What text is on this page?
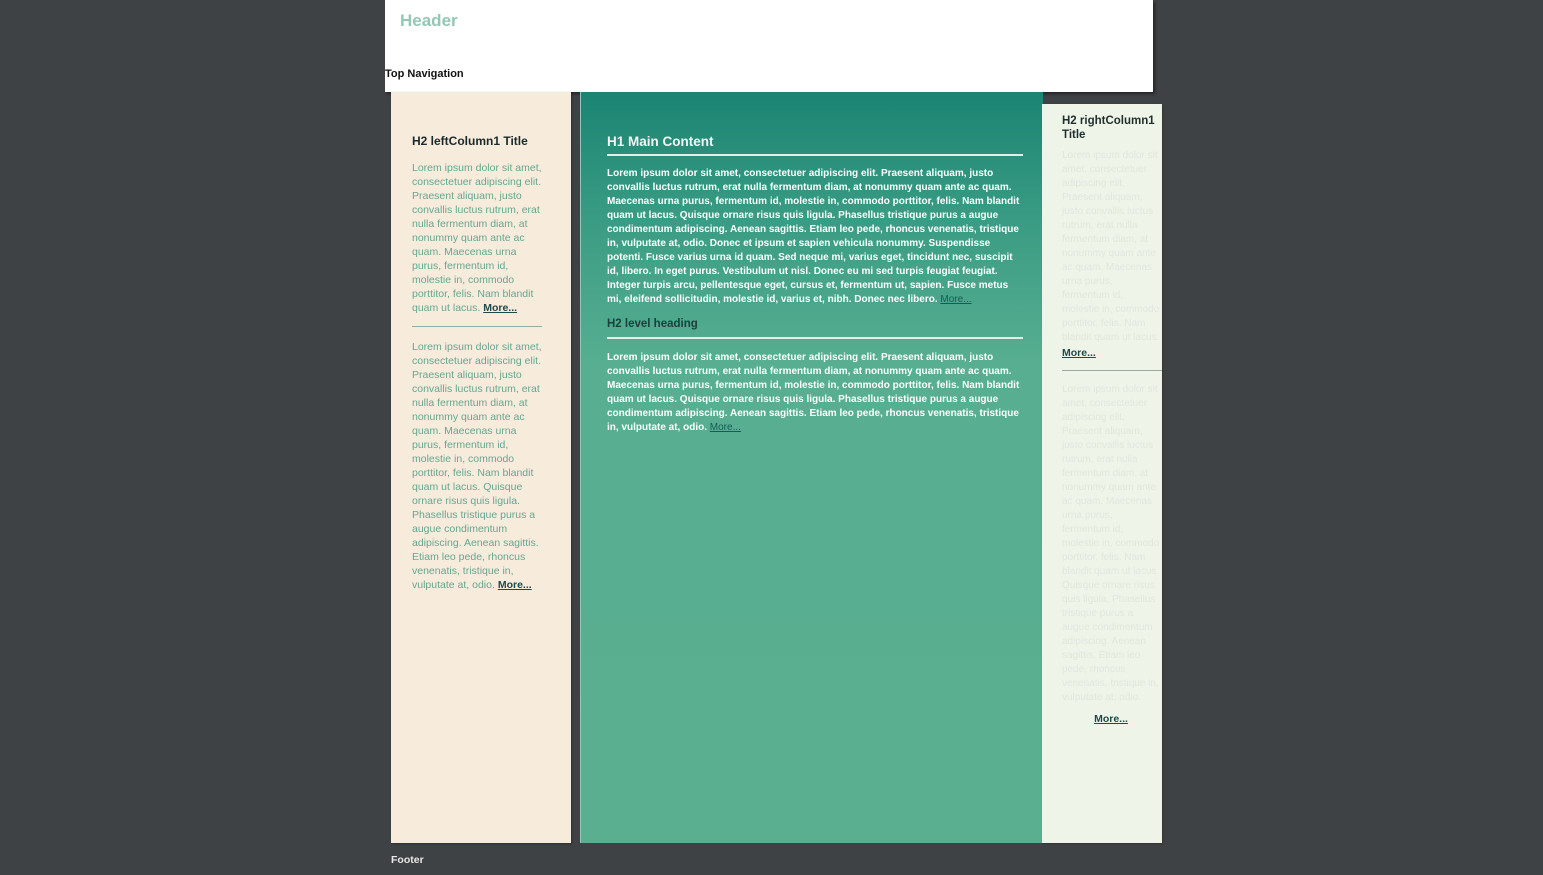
Header
Top Navigation
H2 leftColumn1 Title

Lorem ipsum dolor sit amet, consectetuer adipiscing elit. Praesent aliquam, justo convallis luctus rutrum, erat nulla fermentum diam, at nonummy quam ante ac quam. Maecenas urna purus, fermentum id, molestie in, commodo porttitor, felis. Nam blandit quam ut lacus. More...

Lorem ipsum dolor sit amet, consectetuer adipiscing elit. Praesent aliquam, justo convallis luctus rutrum, erat nulla fermentum diam, at nonummy quam ante ac quam. Maecenas urna purus, fermentum id, molestie in, commodo porttitor, felis. Nam blandit quam ut lacus. Quisque ornare risus quis ligula. Phasellus tristique purus a augue condimentum adipiscing. Aenean sagittis. Etiam leo pede, rhoncus venenatis, tristique in, vulputate at, odio. More...

H1 Main Content

Lorem ipsum dolor sit amet, consectetuer adipiscing elit. Praesent aliquam, justo convallis luctus rutrum, erat nulla fermentum diam, at nonummy quam ante ac quam. Maecenas urna purus, fermentum id, molestie in, commodo porttitor, felis. Nam blandit quam ut lacus. Quisque ornare risus quis ligula. Phasellus tristique purus a augue condimentum adipiscing. Aenean sagittis. Etiam leo pede, rhoncus venenatis, tristique in, vulputate at, odio. Donec et ipsum et sapien vehicula nonummy. Suspendisse potenti. Fusce varius urna id quam. Sed neque mi, varius eget, tincidunt nec, suscipit id, libero. In eget purus. Vestibulum ut nisl. Donec eu mi sed turpis feugiat feugiat. Integer turpis arcu, pellentesque eget, cursus et, fermentum ut, sapien. Fusce metus mi, eleifend sollicitudin, molestie id, varius et, nibh. Donec nec libero. More...

H2 level heading

Lorem ipsum dolor sit amet, consectetuer adipiscing elit. Praesent aliquam, justo convallis luctus rutrum, erat nulla fermentum diam, at nonummy quam ante ac quam. Maecenas urna purus, fermentum id, molestie in, commodo porttitor, felis. Nam blandit quam ut lacus. Quisque ornare risus quis ligula. Phasellus tristique purus a augue condimentum adipiscing. Aenean sagittis. Etiam leo pede, rhoncus venenatis, tristique in, vulputate at, odio. More...

H2 rightColumn1 Title

Lorem ipsum dolor sit amet, consectetuer adipiscing elit. Praesent aliquam, justo convallis luctus rutrum, erat nulla fermentum diam, at nonummy quam ante ac quam. Maecenas urna purus, fermentum id, molestie in, commodo porttitor, felis. Nam blandit quam ut lacus.

More...

Lorem ipsum dolor sit amet, consectetuer adipiscing elit. Praesent aliquam, justo convallis luctus rutrum, erat nulla fermentum diam, at nonummy quam ante ac quam. Maecenas urna purus, fermentum id, molestie in, commodo porttitor, felis. Nam blandit quam ut lacus. Quisque ornare risus quis ligula. Phasellus tristique purus a augue condimentum adipiscing. Aenean sagittis. Etiam leo pede, rhoncus venenatis, tristique in, vulputate at, odio.

More...
Footer
